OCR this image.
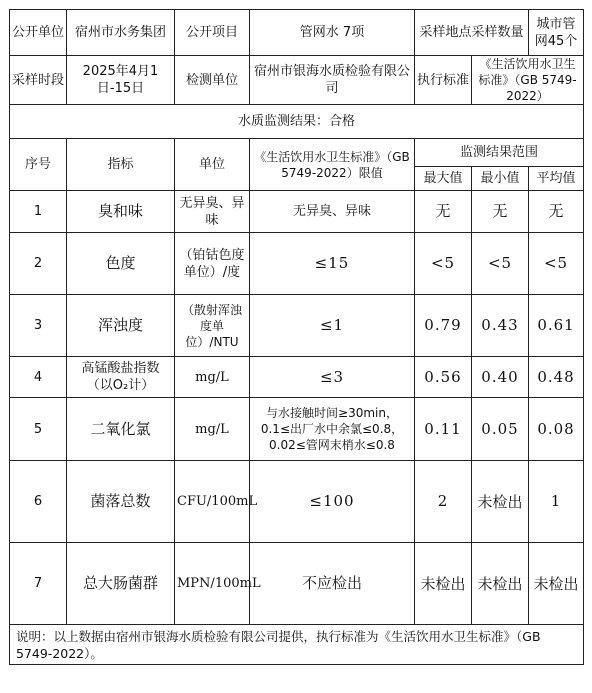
公开单位	宿州市水务集团	公开项目	管网水 7项	采样地点采样数量		城市管网45个
采样时段	2025年4月1日-15日	检测单位	宿州市银海水质检验有限公司	执行标准	《生活饮用水卫生标准》（GB 5749-2022）	
水质监测结果：合格						
序号	指标	单位	《生活饮用水卫生标准》（GB 5749-2022）限值	监测结果范围		
				最大值	最小值	平均值
1	臭和味	无异臭、异味	无异臭、异味	无	无	无
2	色度	（铂钴色度单位）/度	≤15	<5	<5	<5
3	浑浊度	（散射浑浊度单位）/NTU	≤1	0.79	0.43	0.61
4	高锰酸盐指数（以O₂计）	mg/L	≤3	0.56	0.40	0.48
5	二氧化氯	mg/L	与水接触时间≥30min，0.1≤出厂水中余氯≤0.8，0.02≤管网末梢水≤0.8	0.11	0.05	0.08
6	菌落总数	CFU/100mL	≤100	2	未检出	1
7	总大肠菌群	MPN/100mL	不应检出	未检出	未检出	未检出
说明：以上数据由宿州市银海水质检验有限公司提供，执行标准为《生活饮用水卫生标准》（GB 5749-2022）。						
